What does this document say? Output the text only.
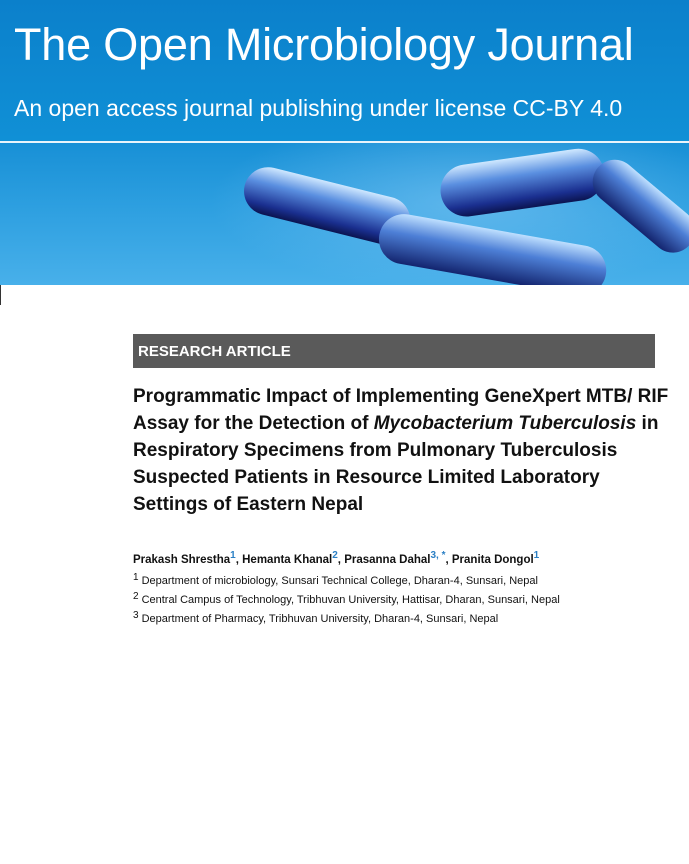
The Open Microbiology Journal
An open access journal publishing under license CC-BY 4.0
RESEARCH ARTICLE
Programmatic Impact of Implementing GeneXpert MTB/ RIF Assay for the Detection of Mycobacterium Tuberculosis in Respiratory Specimens from Pulmonary Tuberculosis Suspected Patients in Resource Limited Laboratory Settings of Eastern Nepal
Prakash Shrestha$^1$, Hemanta Khanal$^2$, Prasanna Dahal$^{3, *}$, Pranita Dongol$^1$
$^1$ Department of microbiology, Sunsari Technical College, Dharan-4, Sunsari, Nepal
$^2$ Central Campus of Technology, Tribhuvan University, Hattisar, Dharan, Sunsari, Nepal
$^3$ Department of Pharmacy, Tribhuvan University, Dharan-4, Sunsari, Nepal
